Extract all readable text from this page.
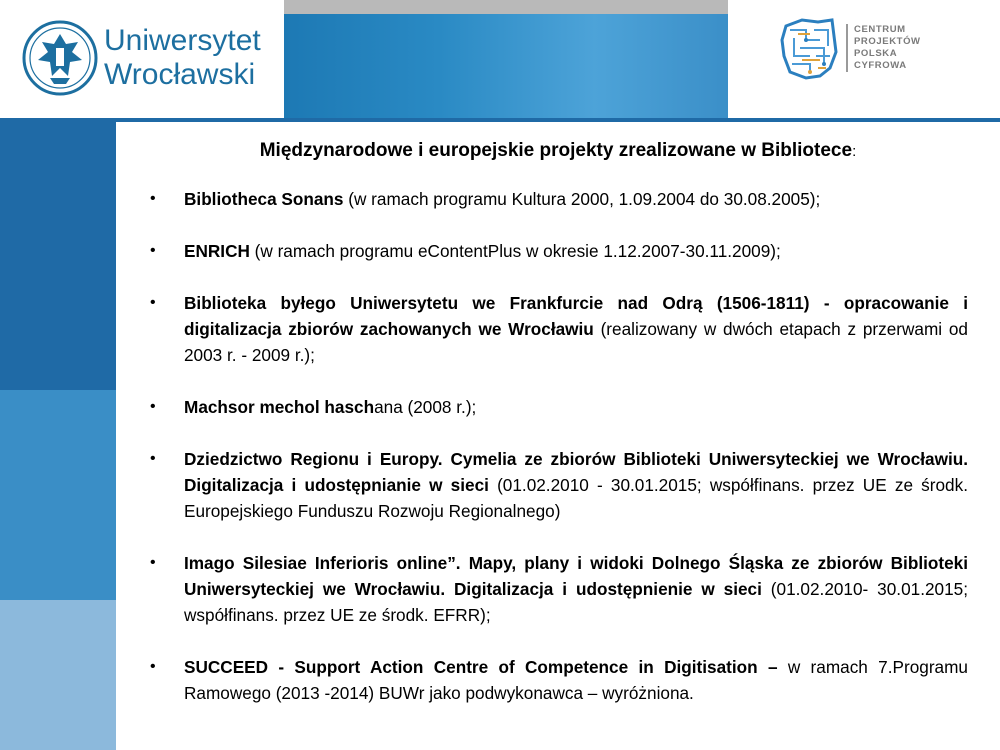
Uniwersytet
Wrocławski
CENTRUM
PROJEKTÓW
POLSKA
CYFROWA
Międzynarodowe i europejskie projekty zrealizowane w Bibliotece:
• Bibliotheca Sonans (w ramach programu Kultura 2000, 1.09.2004 do 30.08.2005);
• ENRICH (w ramach programu eContentPlus w okresie 1.12.2007-30.11.2009);
• Biblioteka byłego Uniwersytetu we Frankfurcie nad Odrą (1506-1811) - opracowanie i digitalizacja zbiorów zachowanych we Wrocławiu (realizowany w dwóch etapach z przerwami od 2003 r. - 2009 r.);
• Machsor mechol haschana (2008 r.);
• Dziedzictwo Regionu i Europy. Cymelia ze zbiorów Biblioteki Uniwersyteckiej we Wrocławiu. Digitalizacja i udostępnianie w sieci (01.02.2010 - 30.01.2015; współfinans. przez UE ze środk. Europejskiego Funduszu Rozwoju Regionalnego)
• Imago Silesiae Inferioris online”. Mapy, plany i widoki Dolnego Śląska ze zbiorów Biblioteki Uniwersyteckiej we Wrocławiu. Digitalizacja i udostępnienie w sieci (01.02.2010- 30.01.2015; współfinans. przez UE ze środk. EFRR);
• SUCCEED - Support Action Centre of Competence in Digitisation – w ramach 7.Programu Ramowego (2013 -2014) BUWr jako podwykonawca – wyróżniona.
